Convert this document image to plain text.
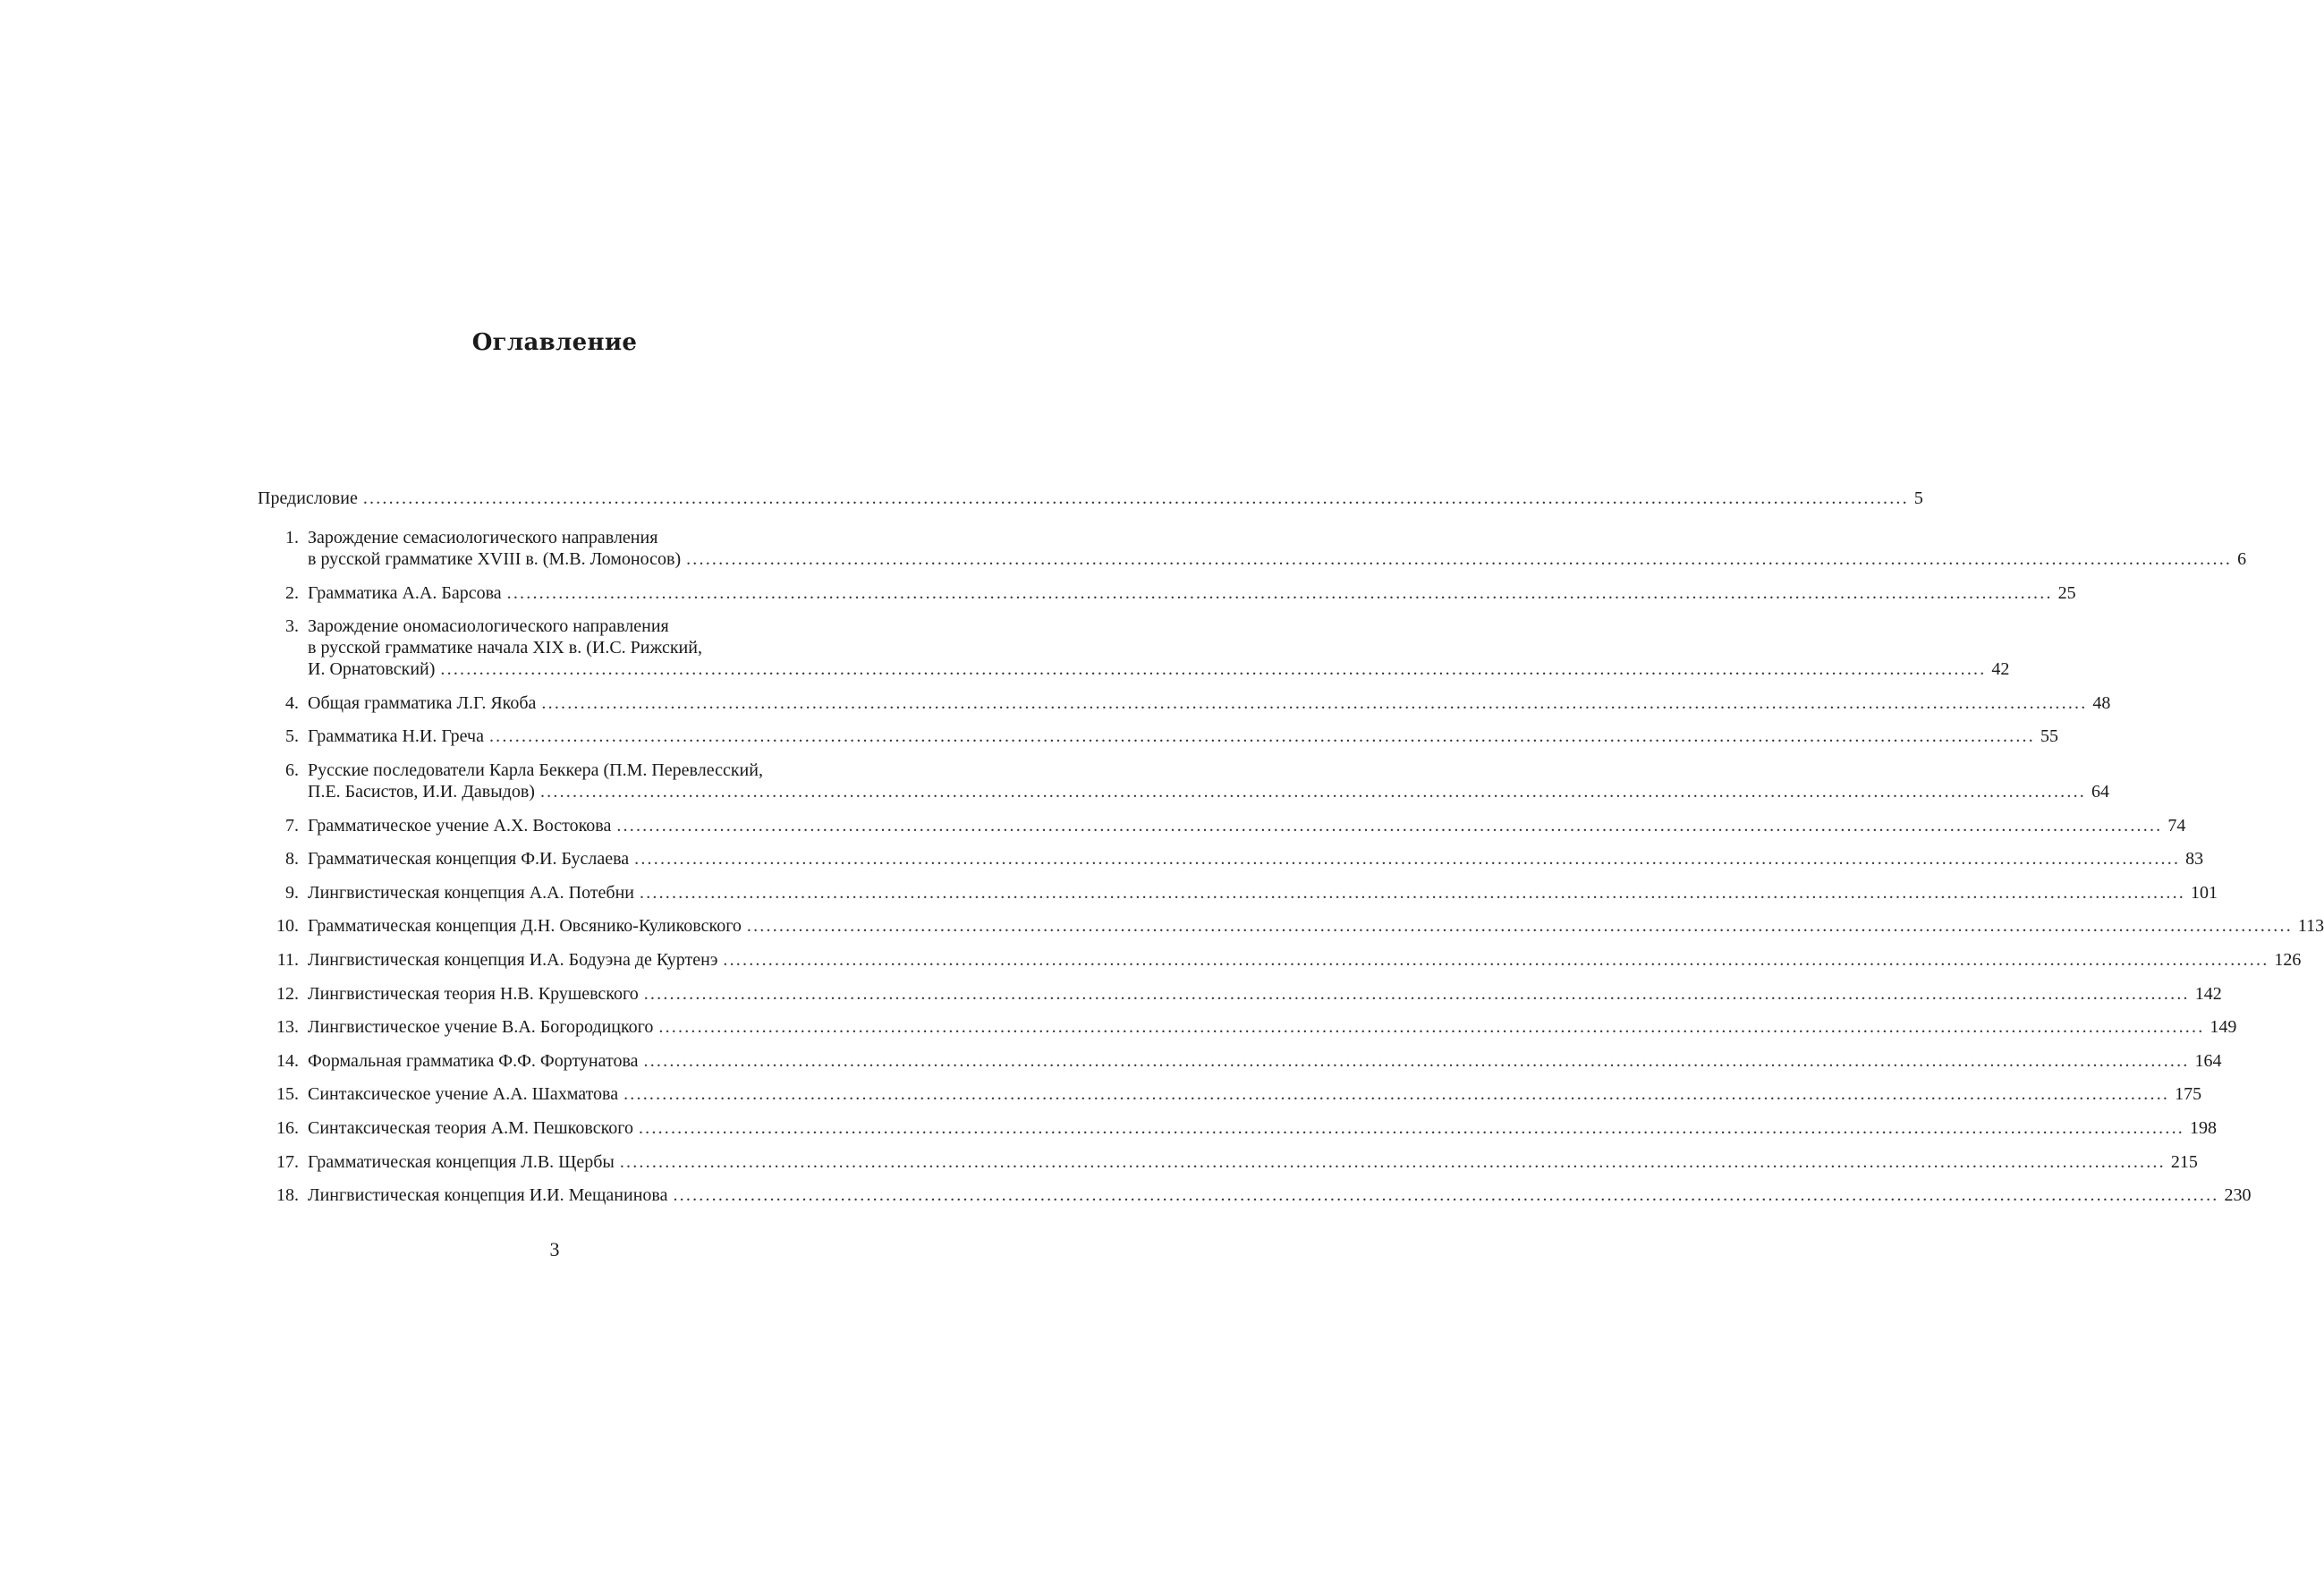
Оглавление
Предисловие .....	5
1. Зарождение семасиологического направления
в русской грамматике XVIII в. (М.В. Ломоносов) .....	6
2. Грамматика А.А. Барсова .....	25
3. Зарождение ономасиологического направления
в русской грамматике начала XIX в. (И.С. Рижский,
И. Орнатовский) .....	42
4. Общая грамматика Л.Г. Якоба .....	48
5. Грамматика Н.И. Греча .....	55
6. Русские последователи Карла Беккера (П.М. Перевлесский,
П.Е. Басистов, И.И. Давыдов) .....	64
7. Грамматическое учение А.Х. Востокова .....	74
8. Грамматическая концепция Ф.И. Буслаева .....	83
9. Лингвистическая концепция А.А. Потебни .....	101
10. Грамматическая концепция Д.Н. Овсянико-Куликовского .....	113
11. Лингвистическая концепция И.А. Бодуэна де Куртенэ .....	126
12. Лингвистическая теория Н.В. Крушевского .....	142
13. Лингвистическое учение В.А. Богородицкого .....	149
14. Формальная грамматика Ф.Ф. Фортунатова .....	164
15. Синтаксическое учение А.А. Шахматова .....	175
16. Синтаксическая теория А.М. Пешковского .....	198
17. Грамматическая концепция Л.В. Щербы .....	215
18. Лингвистическая концепция И.И. Мещанинова .....	230

3
